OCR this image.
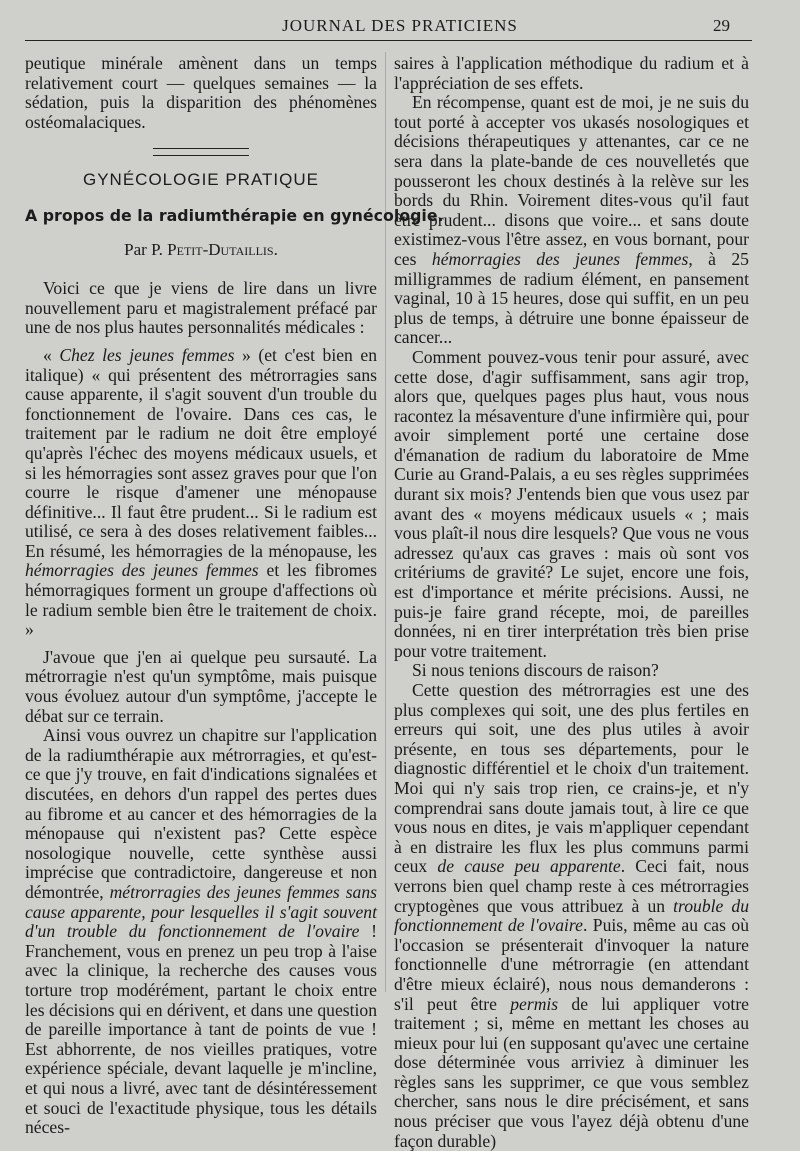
JOURNAL DES PRATICIENS	29

peutique minérale amènent dans un temps relativement court — quelques semaines — la sédation, puis la disparition des phénomènes ostéomalaciques.

GYNÉCOLOGIE PRATIQUE
A propos de la radiumthérapie en gynécologie.
Par P. Petit-Dutaillis.

Voici ce que je viens de lire dans un livre nouvellement paru et magistralement préfacé par une de nos plus hautes personnalités médicales :

« Chez les jeunes femmes » (et c'est bien en italique) « qui présentent des métrorragies sans cause apparente, il s'agit souvent d'un trouble du fonctionnement de l'ovaire. Dans ces cas, le traitement par le radium ne doit être employé qu'après l'échec des moyens médicaux usuels, et si les hémorragies sont assez graves pour que l'on courre le risque d'amener une ménopause définitive... Il faut être prudent... Si le radium est utilisé, ce sera à des doses relativement faibles... En résumé, les hémorragies de la ménopause, les hémorragies des jeunes femmes et les fibromes hémorragiques forment un groupe d'affections où le radium semble bien être le traitement de choix. »

J'avoue que j'en ai quelque peu sursauté. La métrorragie n'est qu'un symptôme, mais puisque vous évoluez autour d'un symptôme, j'accepte le débat sur ce terrain.

Ainsi vous ouvrez un chapitre sur l'application de la radiumthérapie aux métrorragies, et qu'est-ce que j'y trouve, en fait d'indications signalées et discutées, en dehors d'un rappel des pertes dues au fibrome et au cancer et des hémorragies de la ménopause qui n'existent pas? Cette espèce nosologique nouvelle, cette synthèse aussi imprécise que contradictoire, dangereuse et non démontrée, métrorragies des jeunes femmes sans cause apparente, pour lesquelles il s'agit souvent d'un trouble du fonctionnement de l'ovaire ! Franchement, vous en prenez un peu trop à l'aise avec la clinique, la recherche des causes vous torture trop modérément, partant le choix entre les décisions qui en dérivent, et dans une question de pareille importance à tant de points de vue ! Est abhorrente, de nos vieilles pratiques, votre expérience spéciale, devant laquelle je m'incline, et qui nous a livré, avec tant de désintéressement et souci de l'exactitude physique, tous les détails néces-

saires à l'application méthodique du radium et à l'appréciation de ses effets.

En récompense, quant est de moi, je ne suis du tout porté à accepter vos ukasés nosologiques et décisions thérapeutiques y attenantes, car ce ne sera dans la plate-bande de ces nouvelletés que pousseront les choux destinés à la relève sur les bords du Rhin. Voirement dites-vous qu'il faut être prudent... disons que voire... et sans doute existimez-vous l'être assez, en vous bornant, pour ces hémorragies des jeunes femmes, à 25 milligrammes de radium élément, en pansement vaginal, 10 à 15 heures, dose qui suffit, en un peu plus de temps, à détruire une bonne épaisseur de cancer...

Comment pouvez-vous tenir pour assuré, avec cette dose, d'agir suffisamment, sans agir trop, alors que, quelques pages plus haut, vous nous racontez la mésaventure d'une infirmière qui, pour avoir simplement porté une certaine dose d'émanation de radium du laboratoire de Mme Curie au Grand-Palais, a eu ses règles supprimées durant six mois? J'entends bien que vous usez par avant des « moyens médicaux usuels « ; mais vous plaît-il nous dire lesquels? Que vous ne vous adressez qu'aux cas graves : mais où sont vos critériums de gravité? Le sujet, encore une fois, est d'importance et mérite précisions. Aussi, ne puis-je faire grand récepte, moi, de pareilles données, ni en tirer interprétation très bien prise pour votre traitement.

Si nous tenions discours de raison?

Cette question des métrorragies est une des plus complexes qui soit, une des plus fertiles en erreurs qui soit, une des plus utiles à avoir présente, en tous ses départements, pour le diagnostic différentiel et le choix d'un traitement. Moi qui n'y sais trop rien, ce crains-je, et n'y comprendrai sans doute jamais tout, à lire ce que vous nous en dites, je vais m'appliquer cependant à en distraire les flux les plus communs parmi ceux de cause peu apparente. Ceci fait, nous verrons bien quel champ reste à ces métrorragies cryptogènes que vous attribuez à un trouble du fonctionnement de l'ovaire. Puis, même au cas où l'occasion se présenterait d'invoquer la nature fonctionnelle d'une métrorragie (en attendant d'être mieux éclairé), nous nous demanderons : s'il peut être permis de lui appliquer votre traitement ; si, même en mettant les choses au mieux pour lui (en supposant qu'avec une certaine dose déterminée vous arriviez à diminuer les règles sans les supprimer, ce que vous semblez chercher, sans nous le dire précisément, et sans nous préciser que vous l'ayez déjà obtenu d'une façon durable)
